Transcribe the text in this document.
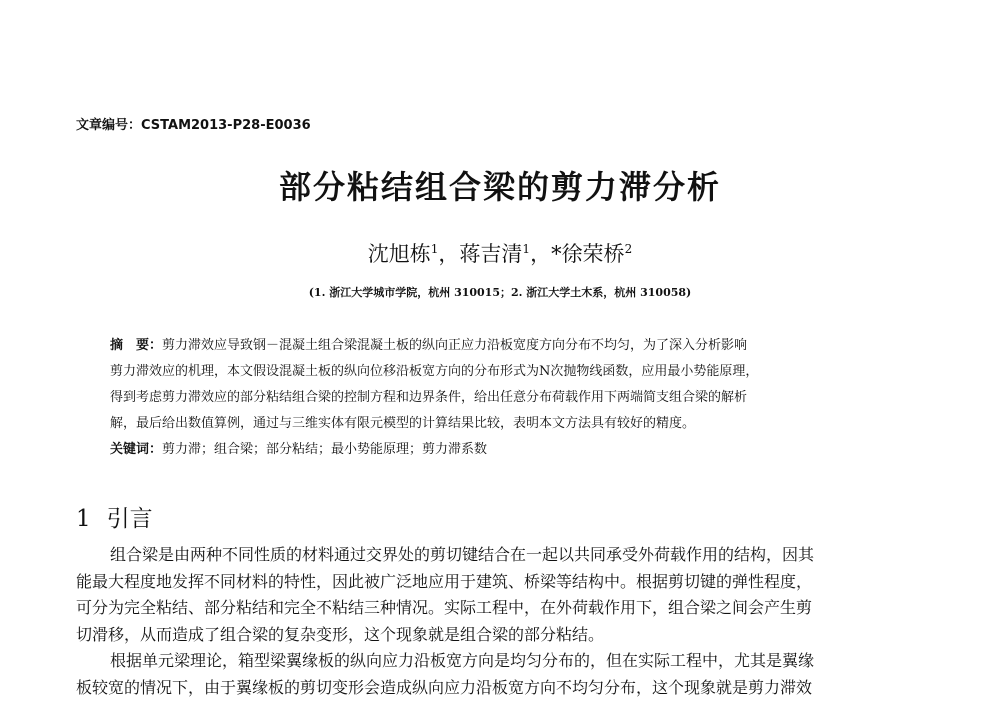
文章编号：CSTAM2013-P28-E0036
部分粘结组合梁的剪力滞分析
沈旭栋$^1$，蒋吉清$^1$，*徐荣桥$^2$
(1. 浙江大学城市学院，杭州 310015；2. 浙江大学土木系，杭州 310058)
摘　要：剪力滞效应导致钢－混凝土组合梁混凝土板的纵向正应力沿板宽度方向分布不均匀，为了深入分析影响
剪力滞效应的机理，本文假设混凝土板的纵向位移沿板宽方向的分布形式为N次抛物线函数，应用最小势能原理，
得到考虑剪力滞效应的部分粘结组合梁的控制方程和边界条件，给出任意分布荷载作用下两端简支组合梁的解析
解，最后给出数值算例，通过与三维实体有限元模型的计算结果比较，表明本文方法具有较好的精度。
关键词：剪力滞；组合梁；部分粘结；最小势能原理；剪力滞系数
1 引言
组合梁是由两种不同性质的材料通过交界处的剪切键结合在一起以共同承受外荷载作用的结构，因其
能最大程度地发挥不同材料的特性，因此被广泛地应用于建筑、桥梁等结构中。根据剪切键的弹性程度，
可分为完全粘结、部分粘结和完全不粘结三种情况。实际工程中，在外荷载作用下，组合梁之间会产生剪
切滑移，从而造成了组合梁的复杂变形，这个现象就是组合梁的部分粘结。
根据单元梁理论，箱型梁翼缘板的纵向应力沿板宽方向是均匀分布的，但在实际工程中，尤其是翼缘
板较宽的情况下，由于翼缘板的剪切变形会造成纵向应力沿板宽方向不均匀分布，这个现象就是剪力滞效
